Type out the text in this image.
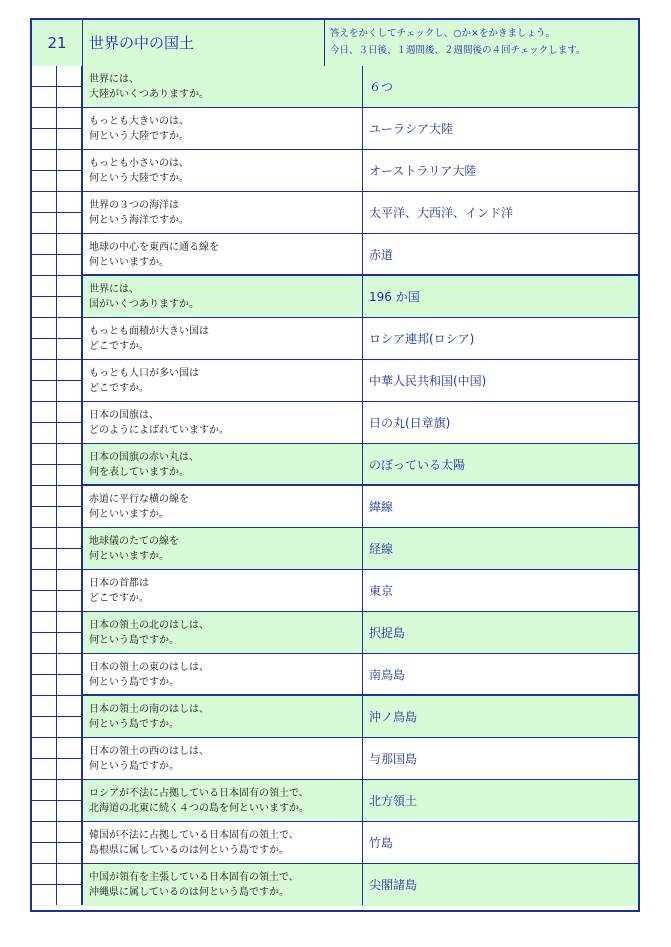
21	世界の中の国土
答えをかくしてチェックし、○か×をかきましょう。
今日、３日後、１週間後、２週間後の４回チェックします。
世界には、
大陸がいくつありますか。
６つ
もっとも大きいのは、
何という大陸ですか。
ユーラシア大陸
もっとも小さいのは、
何という大陸ですか。
オーストラリア大陸
世界の３つの海洋は
何という海洋ですか。
太平洋、大西洋、インド洋
地球の中心を東西に通る線を
何といいますか。
赤道
世界には、
国がいくつありますか。
196 か国
もっとも面積が大きい国は
どこですか。
ロシア連邦(ロシア)
もっとも人口が多い国は
どこですか。
中華人民共和国(中国)
日本の国旗は、
どのようによばれていますか。
日の丸(日章旗)
日本の国旗の赤い丸は、
何を表していますか。
のぼっている太陽
赤道に平行な横の線を
何といいますか。
緯線
地球儀のたての線を
何といいますか。
経線
日本の首都は
どこですか。
東京
日本の領土の北のはしは、
何という島ですか。
択捉島
日本の領土の東のはしは、
何という島ですか。
南鳥島
日本の領土の南のはしは、
何という島ですか。
沖ノ鳥島
日本の領土の西のはしは、
何という島ですか。
与那国島
ロシアが不法に占拠している日本固有の領土で、
北海道の北東に続く４つの島を何といいますか。
北方領土
韓国が不法に占拠している日本固有の領土で、
島根県に属しているのは何という島ですか。
竹島
中国が領有を主張している日本固有の領土で、
沖縄県に属しているのは何という島ですか。
尖閣諸島
